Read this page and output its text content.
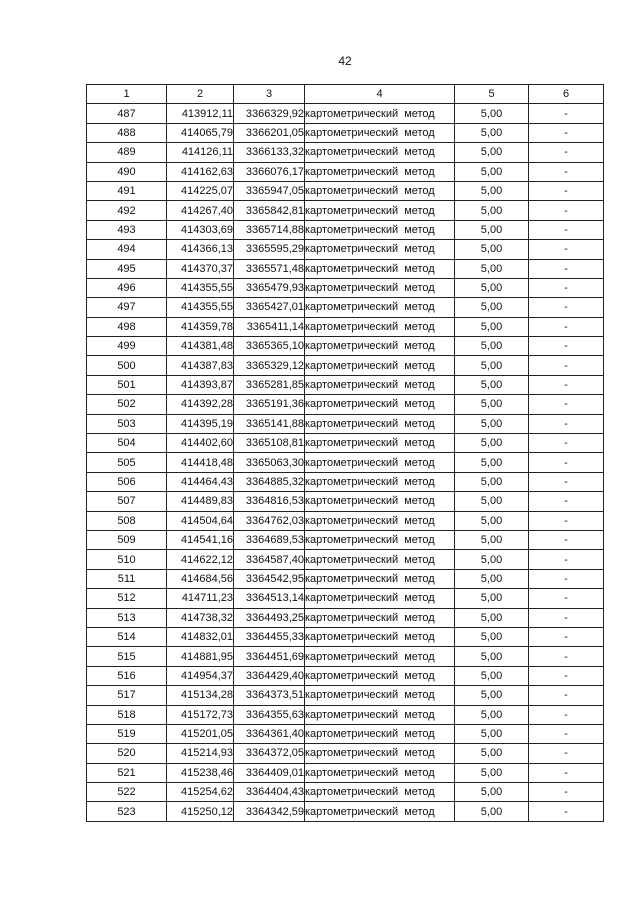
42
1	2	3	4	5	6
487	413912,11	3366329,92	картометрический метод	5,00	-
488	414065,79	3366201,05	картометрический метод	5,00	-
489	414126,11	3366133,32	картометрический метод	5,00	-
490	414162,63	3366076,17	картометрический метод	5,00	-
491	414225,07	3365947,05	картометрический метод	5,00	-
492	414267,40	3365842,81	картометрический метод	5,00	-
493	414303,69	3365714,88	картометрический метод	5,00	-
494	414366,13	3365595,29	картометрический метод	5,00	-
495	414370,37	3365571,48	картометрический метод	5,00	-
496	414355,55	3365479,93	картометрический метод	5,00	-
497	414355,55	3365427,01	картометрический метод	5,00	-
498	414359,78	3365411,14	картометрический метод	5,00	-
499	414381,48	3365365,10	картометрический метод	5,00	-
500	414387,83	3365329,12	картометрический метод	5,00	-
501	414393,87	3365281,85	картометрический метод	5,00	-
502	414392,28	3365191,36	картометрический метод	5,00	-
503	414395,19	3365141,88	картометрический метод	5,00	-
504	414402,60	3365108,81	картометрический метод	5,00	-
505	414418,48	3365063,30	картометрический метод	5,00	-
506	414464,43	3364885,32	картометрический метод	5,00	-
507	414489,83	3364816,53	картометрический метод	5,00	-
508	414504,64	3364762,03	картометрический метод	5,00	-
509	414541,16	3364689,53	картометрический метод	5,00	-
510	414622,12	3364587,40	картометрический метод	5,00	-
511	414684,56	3364542,95	картометрический метод	5,00	-
512	414711,23	3364513,14	картометрический метод	5,00	-
513	414738,32	3364493,25	картометрический метод	5,00	-
514	414832,01	3364455,33	картометрический метод	5,00	-
515	414881,95	3364451,69	картометрический метод	5,00	-
516	414954,37	3364429,40	картометрический метод	5,00	-
517	415134,28	3364373,51	картометрический метод	5,00	-
518	415172,73	3364355,63	картометрический метод	5,00	-
519	415201,05	3364361,40	картометрический метод	5,00	-
520	415214,93	3364372,05	картометрический метод	5,00	-
521	415238,46	3364409,01	картометрический метод	5,00	-
522	415254,62	3364404,43	картометрический метод	5,00	-
523	415250,12	3364342,59	картометрический метод	5,00	-
